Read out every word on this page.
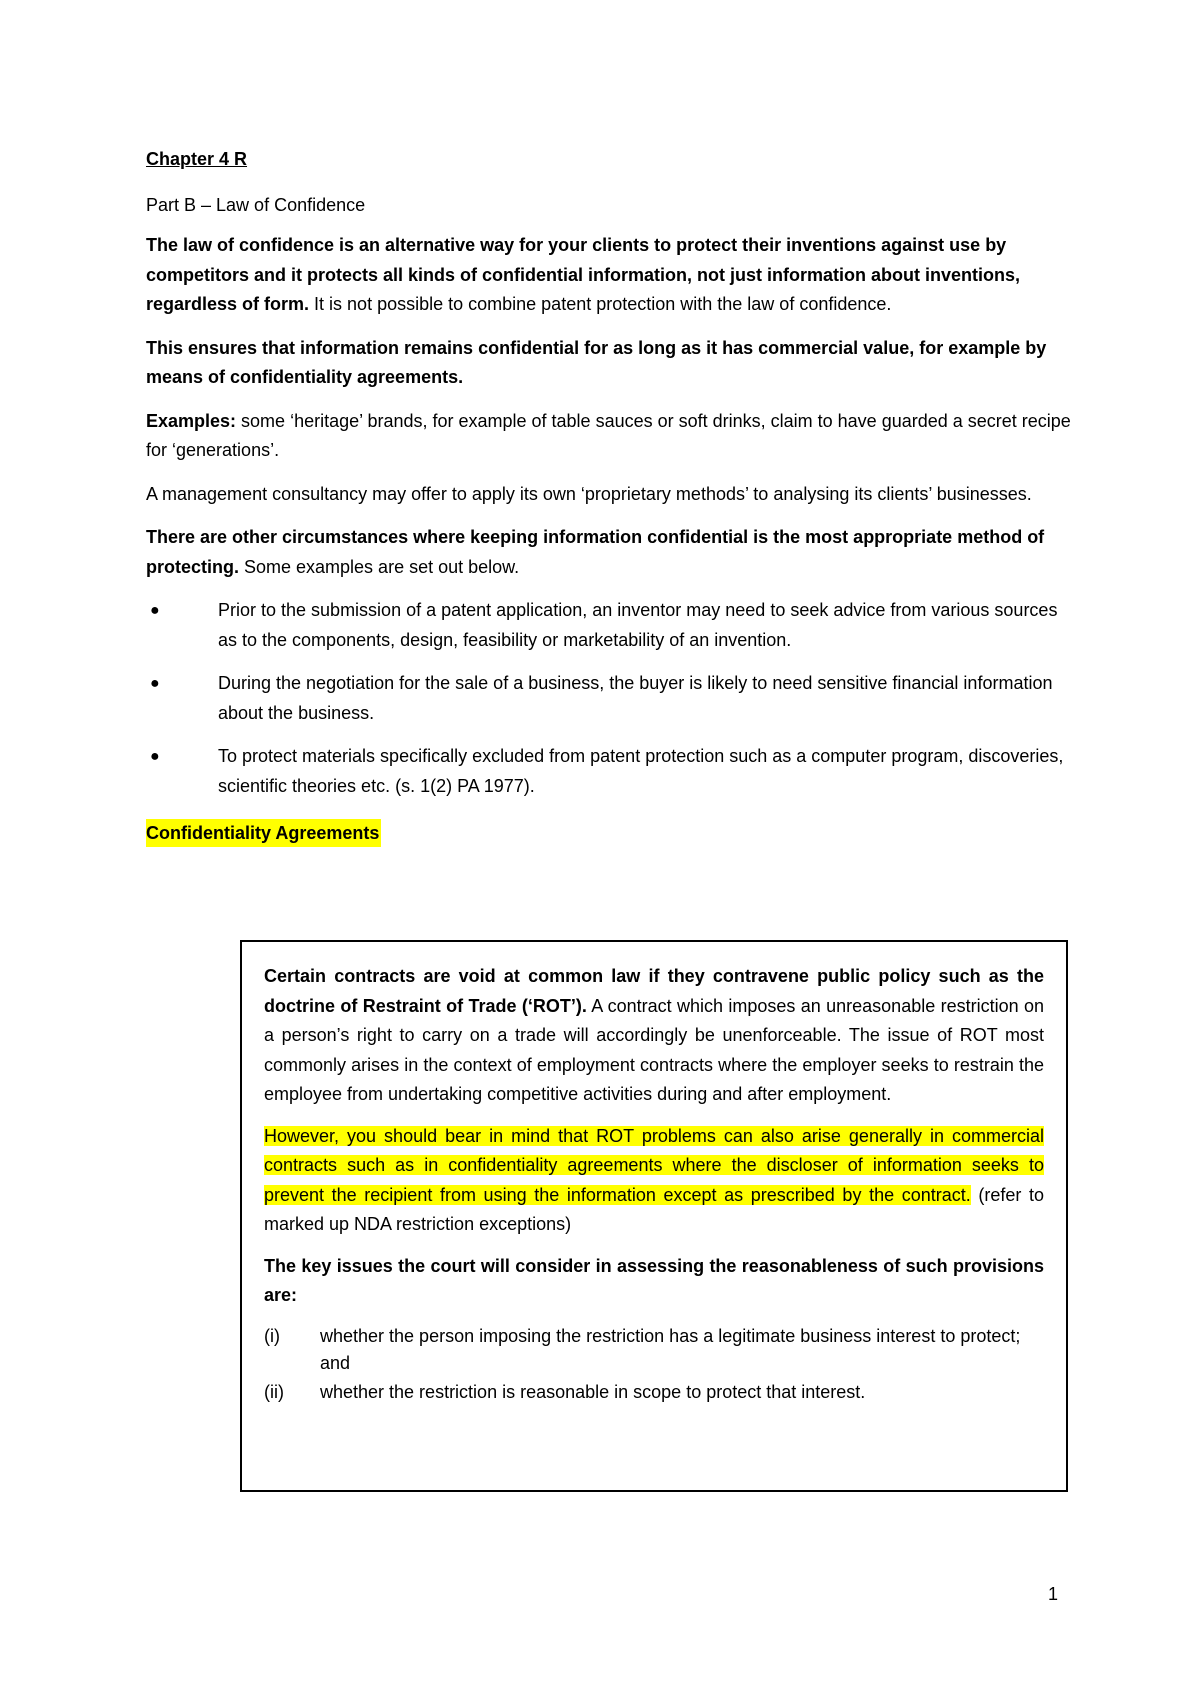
Chapter 4 R
Part B – Law of Confidence

The law of confidence is an alternative way for your clients to protect their inventions against use by competitors and it protects all kinds of confidential information, not just information about inventions, regardless of form. It is not possible to combine patent protection with the law of confidence.

This ensures that information remains confidential for as long as it has commercial value, for example by means of confidentiality agreements.

Examples: some ‘heritage’ brands, for example of table sauces or soft drinks, claim to have guarded a secret recipe for ‘generations’.

A management consultancy may offer to apply its own ‘proprietary methods’ to analysing its clients’ businesses.

There are other circumstances where keeping information confidential is the most appropriate method of protecting. Some examples are set out below.

●	Prior to the submission of a patent application, an inventor may need to seek advice from various sources as to the components, design, feasibility or marketability of an invention.
●	During the negotiation for the sale of a business, the buyer is likely to need sensitive financial information about the business.
●	To protect materials specifically excluded from patent protection such as a computer program, discoveries, scientific theories etc. (s. 1(2) PA 1977).
Confidentiality Agreements

Certain contracts are void at common law if they contravene public policy such as the doctrine of Restraint of Trade (‘ROT’). A contract which imposes an unreasonable restriction on a person’s right to carry on a trade will accordingly be unenforceable. The issue of ROT most commonly arises in the context of employment contracts where the employer seeks to restrain the employee from undertaking competitive activities during and after employment.

However, you should bear in mind that ROT problems can also arise generally in commercial contracts such as in confidentiality agreements where the discloser of information seeks to prevent the recipient from using the information except as prescribed by the contract. (refer to marked up NDA restriction exceptions)

The key issues the court will consider in assessing the reasonableness of such provisions are:

(i) whether the person imposing the restriction has a legitimate business interest to protect; and
(ii) whether the restriction is reasonable in scope to protect that interest.
1
